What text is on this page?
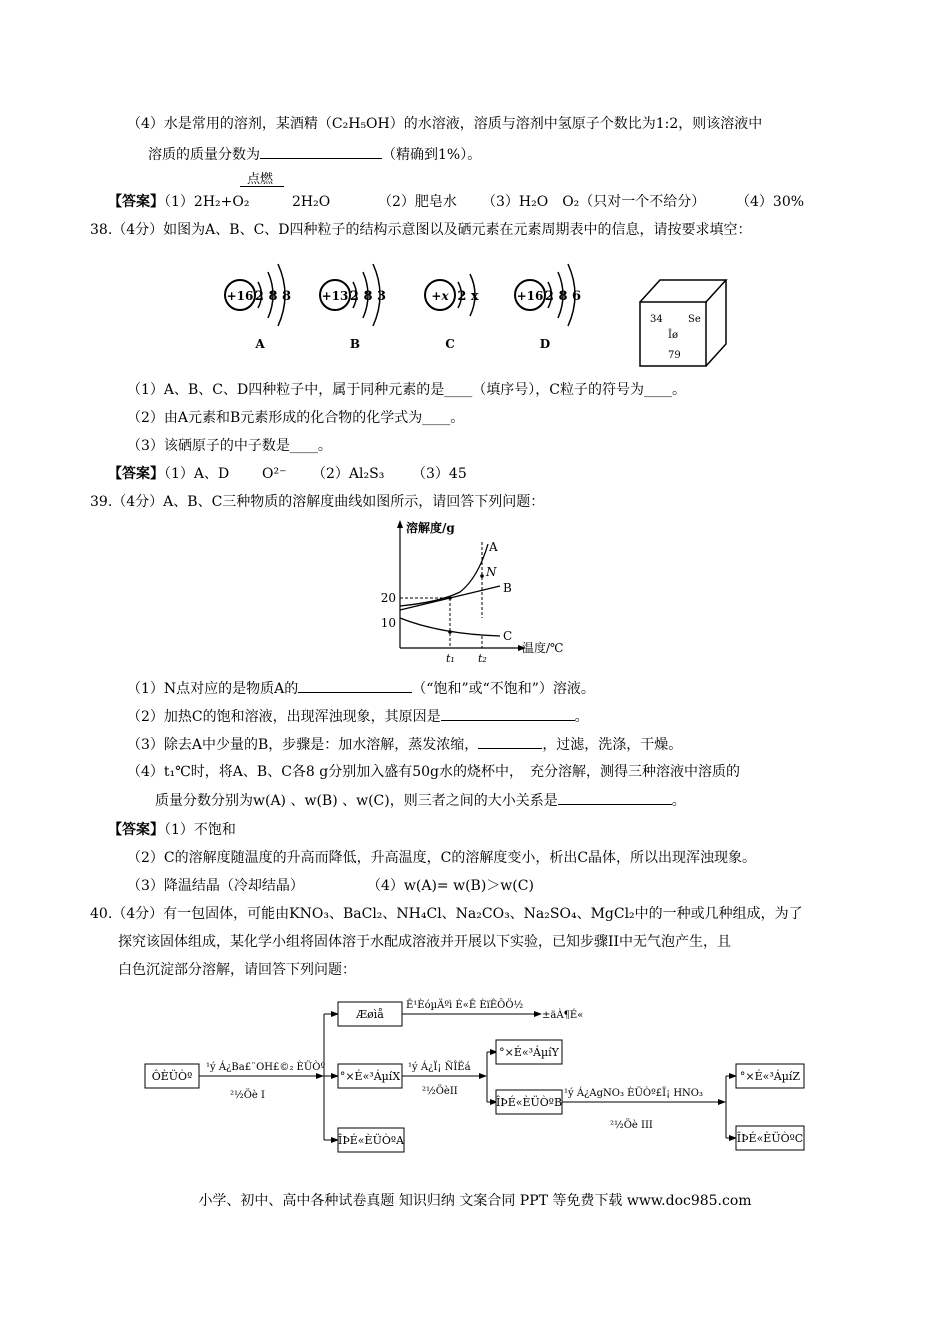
（4）水是常用的溶剂，某酒精（C₂H₅OH）的水溶液，溶质与溶剂中氢原子个数比为1:2，则该溶液中
溶质的质量分数为	（精确到1%）。
点燃
【答案】（1）2H₂+O₂	2H₂O	（2）肥皂水 （3）H₂O　O₂（只对一个不给分） （4）30%
38.（4分）如图为A、B、C、D四种粒子的结构示意图以及硒元素在元素周期表中的信息，请按要求填空：
+16 2 8 8
A
+13 2 8 3
B
+x 2 x
C
+16 2 8 6
D
34	Se
Îø
79
（1）A、B、C、D四种粒子中，属于同种元素的是____（填序号），C粒子的符号为____。
（2）由A元素和B元素形成的化合物的化学式为____。
（3）该硒原子的中子数是____。
【答案】（1）A、D O²⁻ （2）Al₂S₃ （3）45
39.（4分）A、B、C三种物质的溶解度曲线如图所示，请回答下列问题：
溶解度/g
温度/℃
20
10
A
B
C
N
t₁ t₂
（1）N点对应的是物质A的	（“饱和”或“不饱和”）溶液。
（2）加热C的饱和溶液，出现浑浊现象，其原因是	。
（3）除去A中少量的B，步骤是：加水溶解，蒸发浓缩，	，过滤，洗涤，干燥。
（4）t₁℃时，将A、B、C各8 g分别加入盛有50g水的烧杯中，　充分溶解，测得三种溶液中溶质的
质量分数分别为w(A) 、w(B) 、w(C)，则三者之间的大小关系是	。
【答案】（1）不饱和
（2）C的溶解度随温度的升高而降低，升高温度，C的溶解度变小，析出C晶体，所以出现浑浊现象。
（3）降温结晶（冷却结晶）	（4）w(A)= w(B)＞w(C)
40.（4分）有一包固体，可能由KNO₃、BaCl₂、NH₄Cl、Na₂CO₃、Na₂SO₄、MgCl₂中的一种或几种组成，为了
探究该固体组成，某化学小组将固体溶于水配成溶液并开展以下实验，已知步骤II中无气泡产生，且
白色沉淀部分溶解，请回答下列问题：
ÔÈÜÒº
¹ý Á¿Ba£¨OH£©₂ ÈÜÒº
²½Öè I
Æøìå
Ê¹ÈóµÄºì É«Ê ÈïÊÔÖ½
±äÀ¶É«
°×É«³ÁµíX
¹ý Á¿Ï¡ ÑÎËá
²½ÖèII
°×É«³ÁµíY
ÎÞÉ«ÈÜÒºB
¹ý Á¿AgNO₃ ÈÜÒº£Ï¡ HNO₃
²½Öè III
°×É«³ÁµíZ
ÎÞÉ«ÈÜÒºC
ÎÞÉ«ÈÜÒºA
小学、初中、高中各种试卷真题 知识归纳 文案合同 PPT 等免费下载 www.doc985.com
